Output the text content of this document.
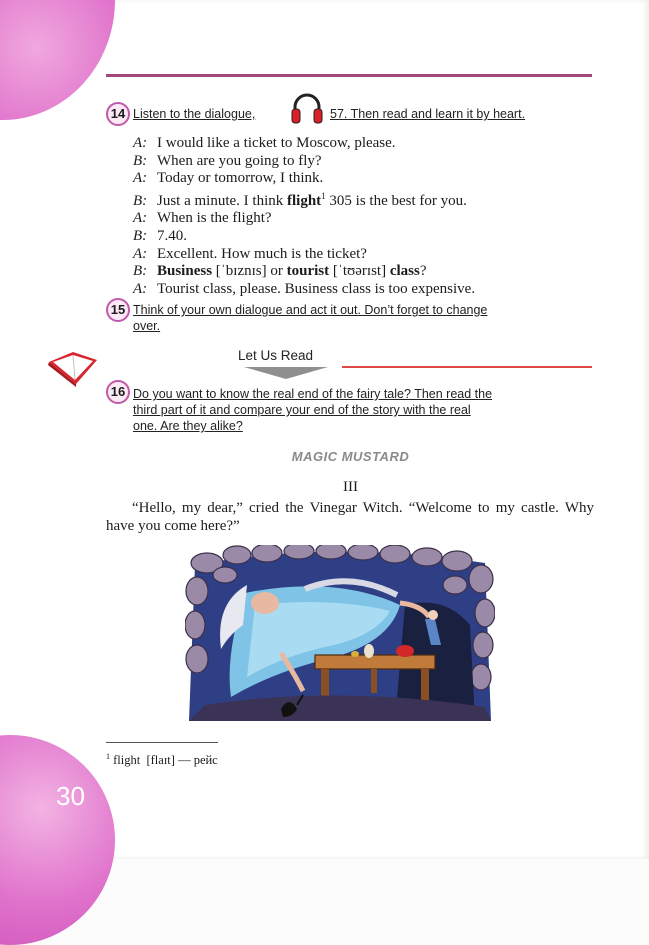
14 Listen to the dialogue,	57. Then read and learn it by heart.
A: I would like a ticket to Moscow, please.
B: When are you going to fly?
A: Today or tomorrow, I think.
B: Just a minute. I think flight$^1$ 305 is the best for you.
A: When is the flight?
B: 7.40.
A: Excellent. How much is the ticket?
B: Business [ˈbɪznɪs] or tourist [ˈtʊərɪst] class?
A: Tourist class, please. Business class is too expensive.
15 Think of your own dialogue and act it out. Don’t forget to change
over.
Let Us Read
16 Do you want to know the real end of the fairy tale? Then read the
third part of it and compare your end of the story with the real
one. Are they alike?
MAGIC MUSTARD
III
“Hello, my dear,” cried the Vinegar Witch. “Welcome to my castle. Why have you come here?”
$^1$ flight [flaɪt] — рейс
30
